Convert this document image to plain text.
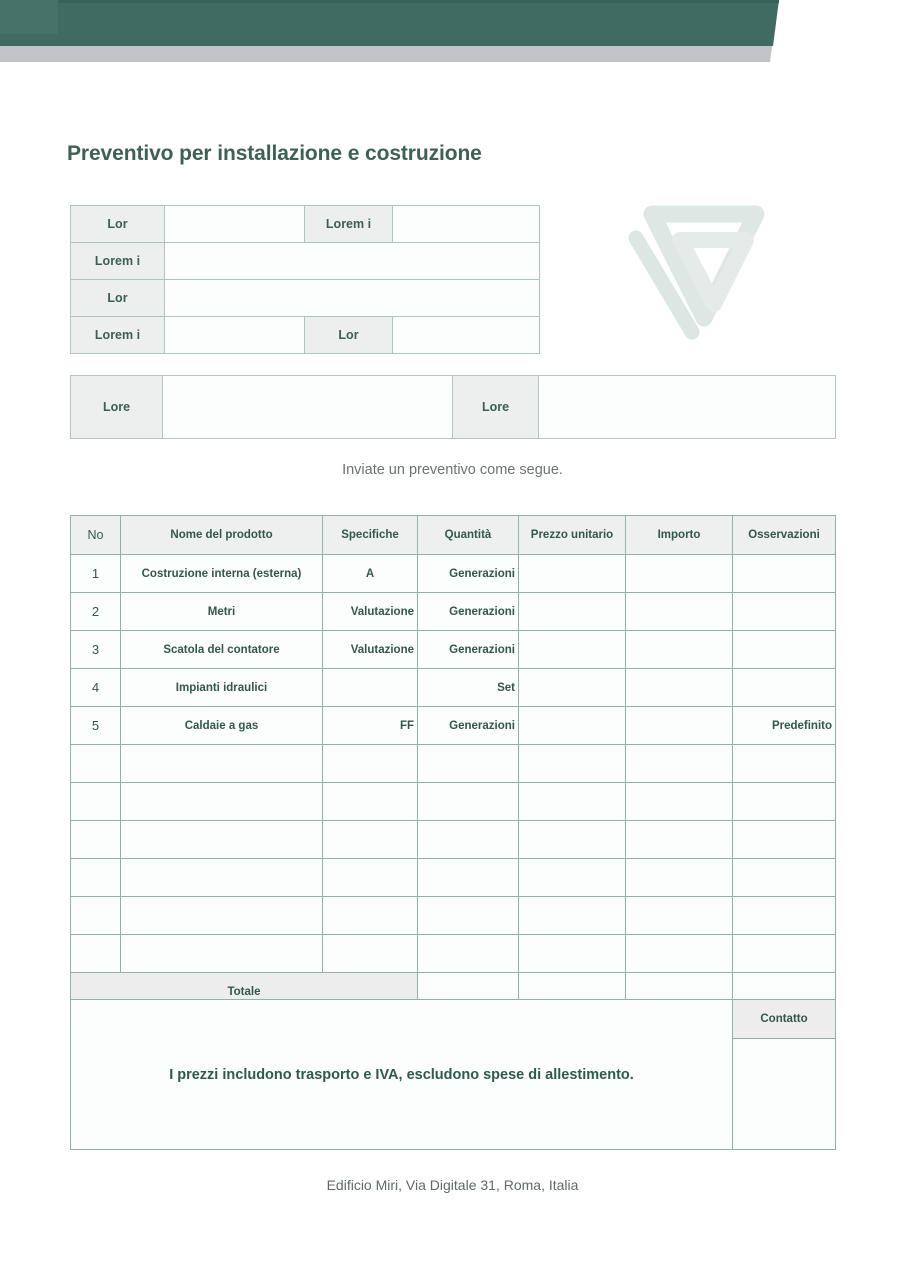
Preventivo per installazione e costruzione
Lor		Lorem i	
Lorem i			
Lor			
Lorem i		Lor	
Lore		Lore	
Inviate un preventivo come segue.
No	Nome del prodotto	Specifiche	Quantità	Prezzo unitario	Importo	Osservazioni
1	Costruzione interna (esterna)	A	Generazioni			
2	Metri	Valutazione	Generazioni			
3	Scatola del contatore	Valutazione	Generazioni			
4	Impianti idraulici		Set			
5	Caldaie a gas	FF	Generazioni			Predefinito

Totale						
I prezzi includono trasporto e IVA, escludono spese di allestimento.	Contatto

Edificio Miri, Via Digitale 31, Roma, Italia
